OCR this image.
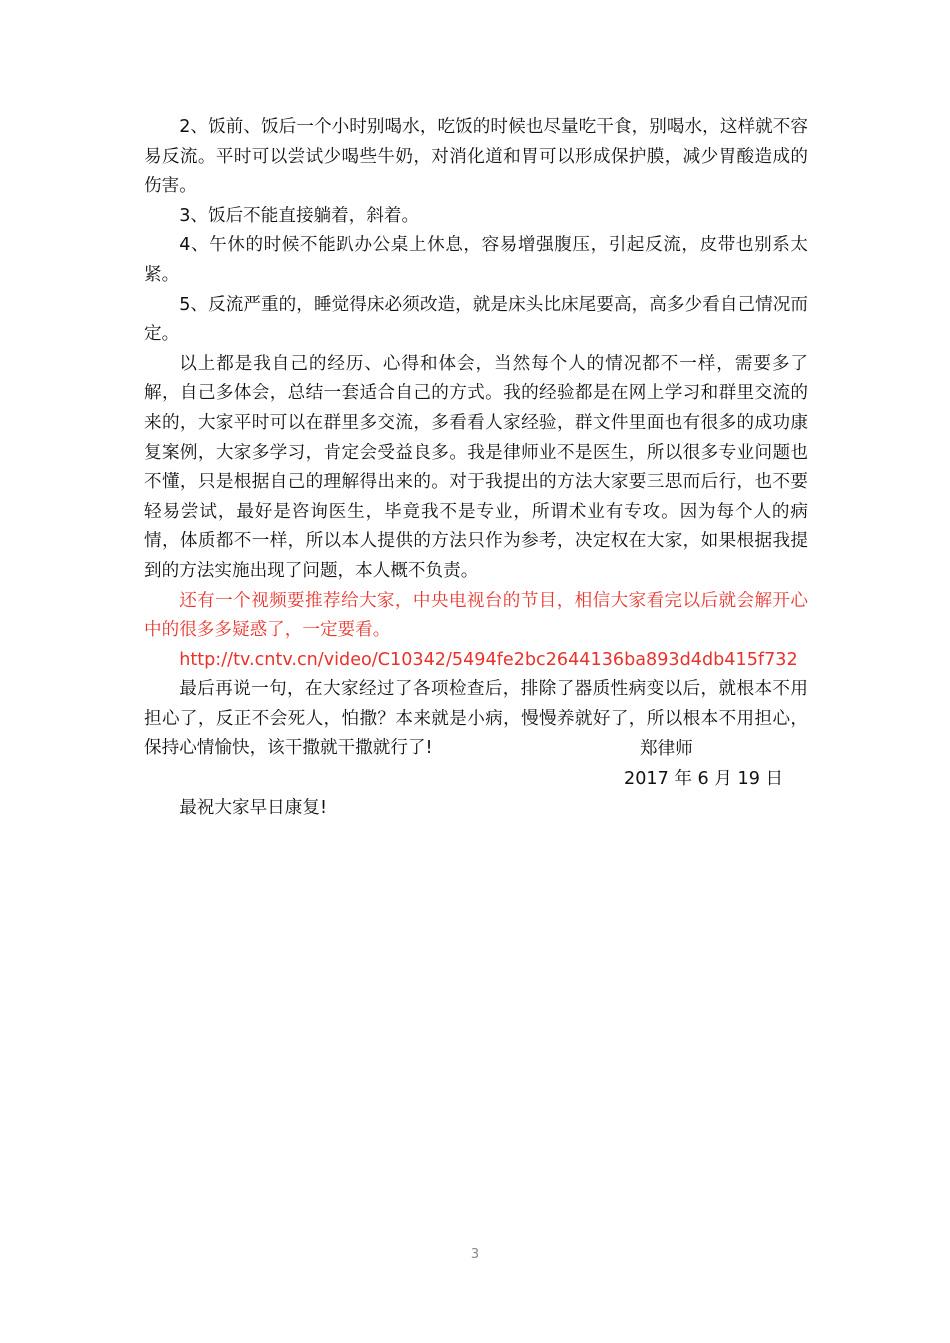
2、饭前、饭后一个小时别喝水，吃饭的时候也尽量吃干食，别喝水，这样就不容易反流。平时可以尝试少喝些牛奶，对消化道和胃可以形成保护膜，减少胃酸造成的伤害。

3、饭后不能直接躺着，斜着。

4、午休的时候不能趴办公桌上休息，容易增强腹压，引起反流，皮带也别系太紧。

5、反流严重的，睡觉得床必须改造，就是床头比床尾要高，高多少看自己情况而定。

以上都是我自己的经历、心得和体会，当然每个人的情况都不一样，需要多了解，自己多体会，总结一套适合自己的方式。我的经验都是在网上学习和群里交流的来的，大家平时可以在群里多交流，多看看人家经验，群文件里面也有很多的成功康复案例，大家多学习，肯定会受益良多。我是律师业不是医生，所以很多专业问题也不懂，只是根据自己的理解得出来的。对于我提出的方法大家要三思而后行，也不要轻易尝试，最好是咨询医生，毕竟我不是专业，所谓术业有专攻。因为每个人的病情，体质都不一样，所以本人提供的方法只作为参考，决定权在大家，如果根据我提到的方法实施出现了问题，本人概不负责。

还有一个视频要推荐给大家，中央电视台的节目，相信大家看完以后就会解开心中的很多多疑惑了，一定要看。

http://tv.cntv.cn/video/C10342/5494fe2bc2644136ba893d4db415f732

最后再说一句，在大家经过了各项检查后，排除了器质性病变以后，就根本不用担心了，反正不会死人，怕撒？本来就是小病，慢慢养就好了，所以根本不用担心，保持心情愉快，该干撒就干撒就行了!

最祝大家早日康复!

郑律师
2017 年 6 月 19 日
3
